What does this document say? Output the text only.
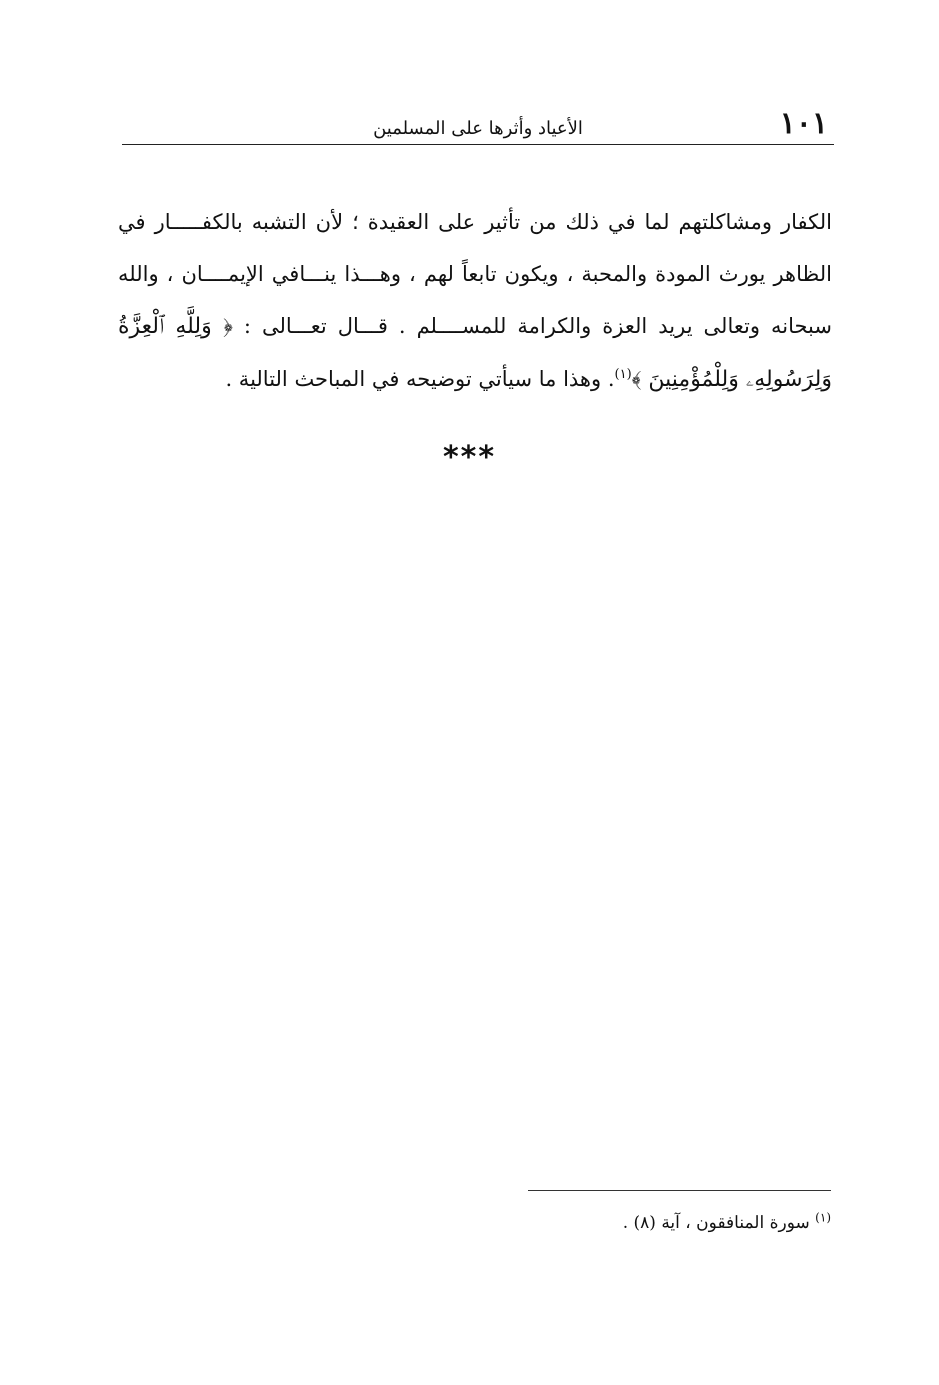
١٠١
الأعياد وأثرها على المسلمين

الكفار ومشاكلتهم لما في ذلك من تأثير على العقيدة ؛ لأن التشبه بالكفـــــار في الظاهر يورث المودة والمحبة ، ويكون تابعاً لهم ، وهـــذا ينـــافي الإيمــــان ، والله سبحانه وتعالى يريد العزة والكرامة للمســــلم . قـــال تعـــالى : ﴿ وَلِلَّهِ ٱلْعِزَّةُ وَلِرَسُولِهِۦ وَلِلْمُؤْمِنِينَ ﴾$^{(١)}$. وهذا ما سيأتي توضيحه في المباحث التالية .

***
$^{(١)}$ سورة المنافقون ، آية (٨) .
